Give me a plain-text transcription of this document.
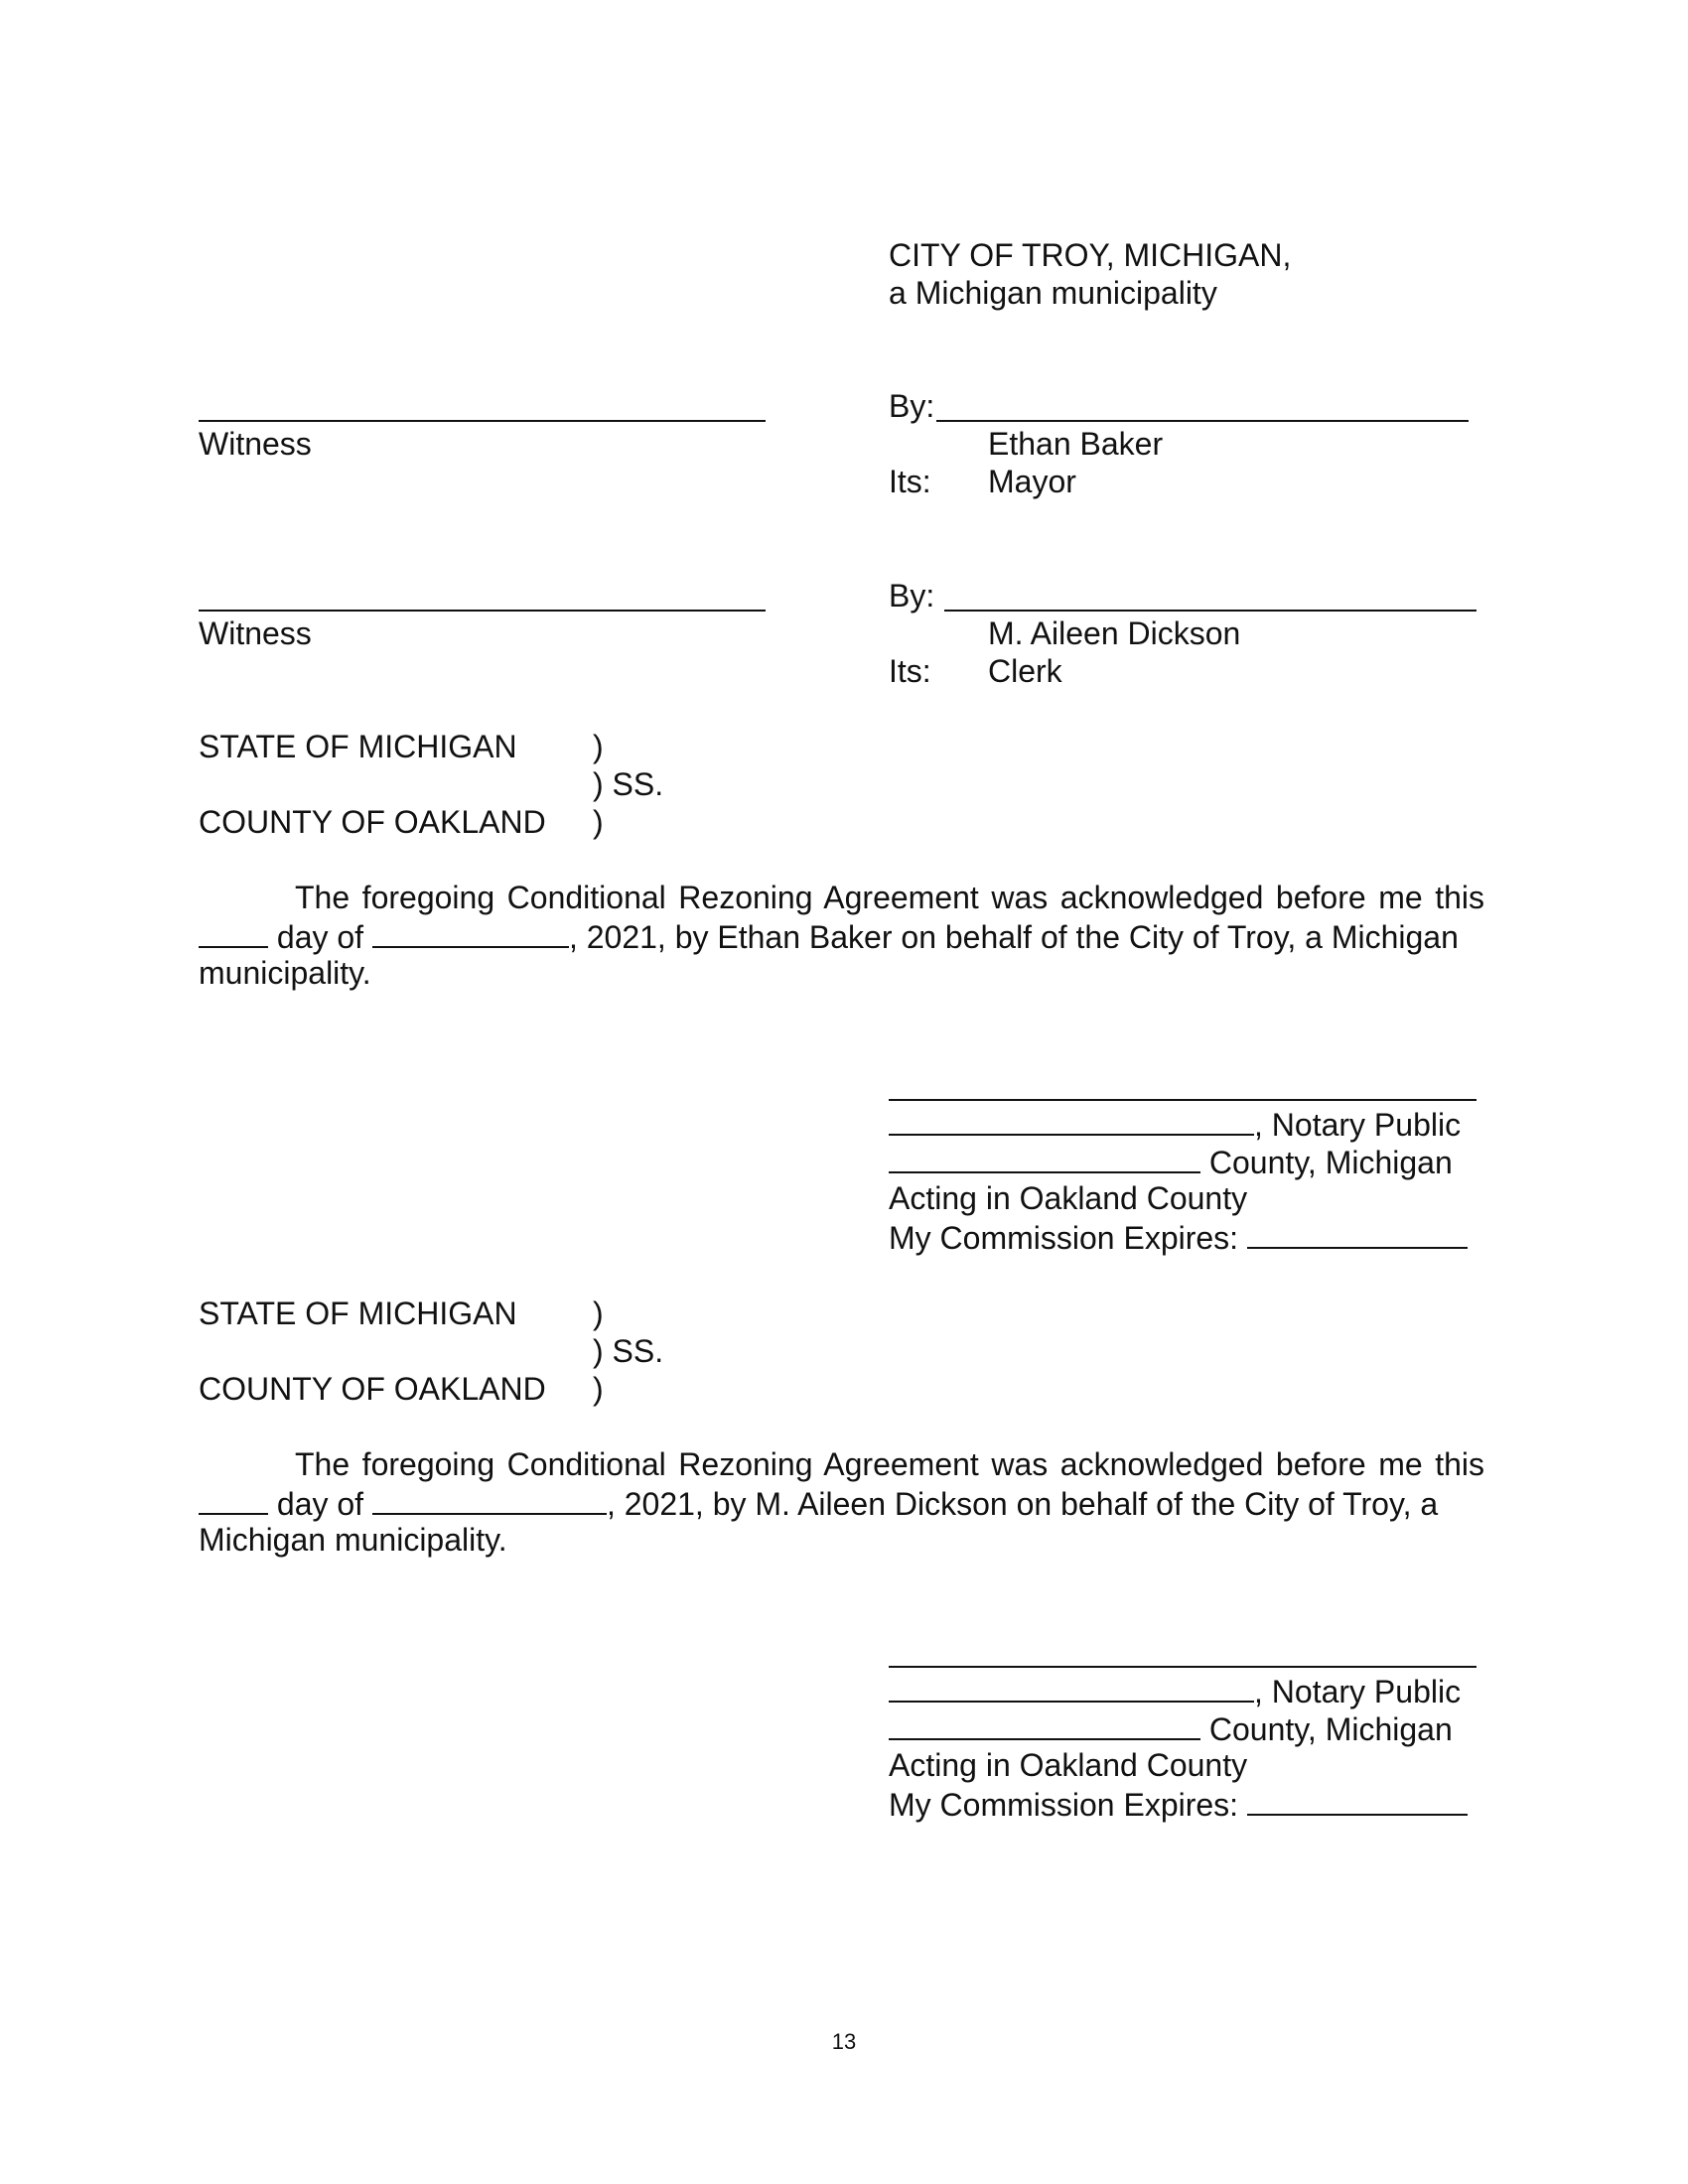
CITY OF TROY, MICHIGAN,
a Michigan municipality
Witness
By:
Ethan Baker
Its: Mayor
Witness
By:
M. Aileen Dickson
Its: Clerk
STATE OF MICHIGAN )
) SS.
COUNTY OF OAKLAND )
The foregoing Conditional Rezoning Agreement was acknowledged before me this
day of	, 2021, by Ethan Baker on behalf of the City of Troy, a Michigan
municipality.
, Notary Public
County, Michigan
Acting in Oakland County
My Commission Expires:
STATE OF MICHIGAN )
) SS.
COUNTY OF OAKLAND )
The foregoing Conditional Rezoning Agreement was acknowledged before me this
day of	, 2021, by M. Aileen Dickson on behalf of the City of Troy, a
Michigan municipality.
, Notary Public
County, Michigan
Acting in Oakland County
My Commission Expires:
13
